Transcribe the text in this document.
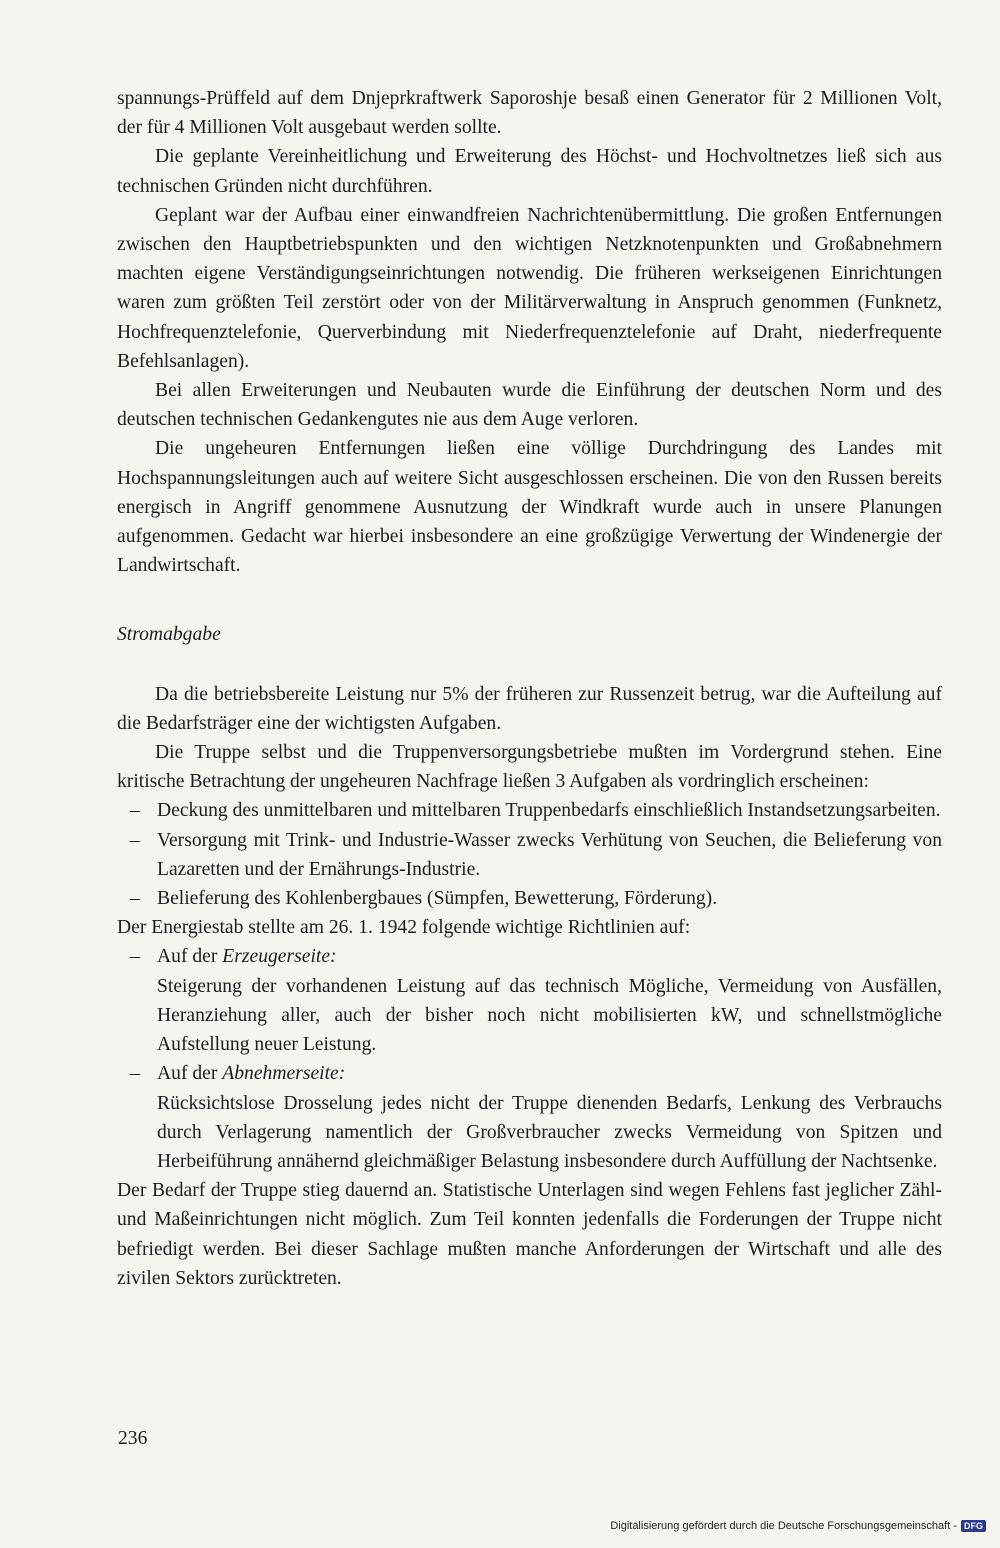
spannungs-Prüffeld auf dem Dnjeprkraftwerk Saporoshje besaß einen Generator für 2 Millionen Volt, der für 4 Millionen Volt ausgebaut werden sollte.

Die geplante Vereinheitlichung und Erweiterung des Höchst- und Hochvoltnetzes ließ sich aus technischen Gründen nicht durchführen.

Geplant war der Aufbau einer einwandfreien Nachrichtenübermittlung. Die großen Entfernungen zwischen den Hauptbetriebspunkten und den wichtigen Netzknotenpunkten und Großabnehmern machten eigene Verständigungseinrichtungen notwendig. Die früheren werkseigenen Einrichtungen waren zum größten Teil zerstört oder von der Militärverwaltung in Anspruch genommen (Funknetz, Hochfrequenztelefonie, Querverbindung mit Niederfrequenztelefonie auf Draht, niederfrequente Befehlsanlagen).

Bei allen Erweiterungen und Neubauten wurde die Einführung der deutschen Norm und des deutschen technischen Gedankengutes nie aus dem Auge verloren.

Die ungeheuren Entfernungen ließen eine völlige Durchdringung des Landes mit Hochspannungsleitungen auch auf weitere Sicht ausgeschlossen erscheinen. Die von den Russen bereits energisch in Angriff genommene Ausnutzung der Windkraft wurde auch in unsere Planungen aufgenommen. Gedacht war hierbei insbesondere an eine großzügige Verwertung der Windenergie der Landwirtschaft.

Stromabgabe

Da die betriebsbereite Leistung nur 5% der früheren zur Russenzeit betrug, war die Aufteilung auf die Bedarfsträger eine der wichtigsten Aufgaben.

Die Truppe selbst und die Truppenversorgungsbetriebe mußten im Vordergrund stehen. Eine kritische Betrachtung der ungeheuren Nachfrage ließen 3 Aufgaben als vordringlich erscheinen:

– Deckung des unmittelbaren und mittelbaren Truppenbedarfs einschließlich Instandsetzungsarbeiten.
– Versorgung mit Trink- und Industrie-Wasser zwecks Verhütung von Seuchen, die Belieferung von Lazaretten und der Ernährungs-Industrie.
– Belieferung des Kohlenbergbaues (Sümpfen, Bewetterung, Förderung).

Der Energiestab stellte am 26. 1. 1942 folgende wichtige Richtlinien auf:

– Auf der Erzeugerseite:

Steigerung der vorhandenen Leistung auf das technisch Mögliche, Vermeidung von Ausfällen, Heranziehung aller, auch der bisher noch nicht mobilisierten kW, und schnellstmögliche Aufstellung neuer Leistung.

– Auf der Abnehmerseite:

Rücksichtslose Drosselung jedes nicht der Truppe dienenden Bedarfs, Lenkung des Verbrauchs durch Verlagerung namentlich der Großverbraucher zwecks Vermeidung von Spitzen und Herbeiführung annähernd gleichmäßiger Belastung insbesondere durch Auffüllung der Nachtsenke.

Der Bedarf der Truppe stieg dauernd an. Statistische Unterlagen sind wegen Fehlens fast jeglicher Zähl- und Maßeinrichtungen nicht möglich. Zum Teil konnten jedenfalls die Forderungen der Truppe nicht befriedigt werden. Bei dieser Sachlage mußten manche Anforderungen der Wirtschaft und alle des zivilen Sektors zurücktreten.

236
Digitalisierung gefördert durch die Deutsche Forschungsgemeinschaft - DFG
